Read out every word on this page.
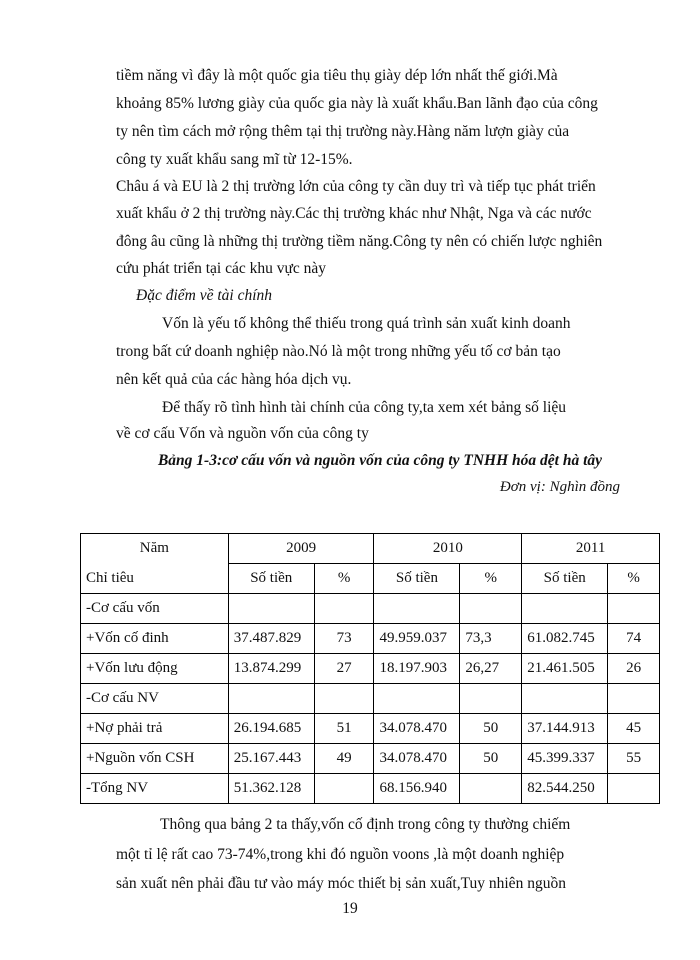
tiềm năng vì đây là một quốc gia tiêu thụ giày dép lớn nhất thế giới.Mà
khoảng 85% lương giày của quốc gia này là xuất khẩu.Ban lãnh đạo của công
ty nên tìm cách mở rộng thêm tại thị trường này.Hàng năm lượn giày của
công ty xuất khẩu sang mĩ từ 12-15%.
Châu á và EU là 2 thị trường lớn của công ty cần duy trì và tiếp tục phát triển
xuất khẩu ở 2 thị trường này.Các thị trường khác như Nhật, Nga và các nước
đông âu cũng là những thị trường tiềm năng.Công ty nên có chiến lược nghiên
cứu phát triển tại các khu vực này
Đặc điểm về tài chính
Vốn là yếu tố không thể thiếu trong quá trình sản xuất kinh doanh
trong bất cứ doanh nghiệp nào.Nó là một trong những yếu tố cơ bản tạo
nên kết quả của các hàng hóa dịch vụ.
Để thấy rõ tình hình tài chính của công ty,ta xem xét bảng số liệu
về cơ cấu Vốn và nguồn vốn của công ty
Bảng 1-3:cơ cấu vốn và nguồn vốn của công ty TNHH hóa dệt hà tây
Đơn vị: Nghìn đồng
Năm	2009		2010		2011	
Chỉ tiêu	Số tiền	%	Số tiền	%	Số tiền	%
-Cơ cấu vốn						
+Vốn cố đinh	37.487.829	73	49.959.037	73,3	61.082.745	74
+Vốn lưu động	13.874.299	27	18.197.903	26,27	21.461.505	26
-Cơ cấu NV						
+Nợ phải trả	26.194.685	51	34.078.470	50	37.144.913	45
+Nguồn vốn CSH	25.167.443	49	34.078.470	50	45.399.337	55
-Tổng NV	51.362.128		68.156.940		82.544.250	
Thông qua bảng 2 ta thấy,vốn cố định trong công ty thường chiếm
một tỉ lệ rất cao 73-74%,trong khi đó nguồn voons ,là một doanh nghiệp
sản xuất nên phải đầu tư vào máy móc thiết bị sản xuất,Tuy nhiên nguồn
19
